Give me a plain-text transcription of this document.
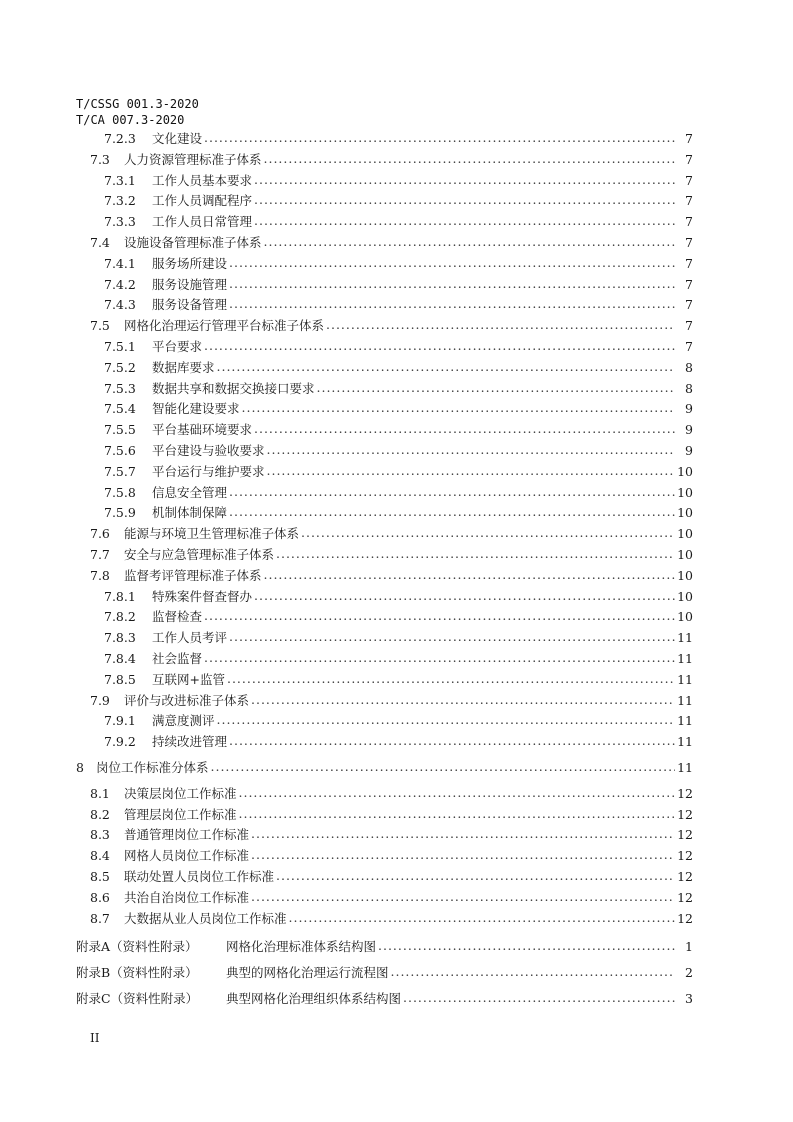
T/CSSG 001.3-2020
T/CA 007.3-2020
7.2.3	文化建设 .....	7
7.3	人力资源管理标准子体系 .....	7
7.3.1	工作人员基本要求 .....	7
7.3.2	工作人员调配程序 .....	7
7.3.3	工作人员日常管理 .....	7
7.4	设施设备管理标准子体系 .....	7
7.4.1	服务场所建设 .....	7
7.4.2	服务设施管理 .....	7
7.4.3	服务设备管理 .....	7
7.5	网格化治理运行管理平台标准子体系 .....	7
7.5.1	平台要求 .....	7
7.5.2	数据库要求 .....	8
7.5.3	数据共享和数据交换接口要求 .....	8
7.5.4	智能化建设要求 .....	9
7.5.5	平台基础环境要求 .....	9
7.5.6	平台建设与验收要求 .....	9
7.5.7	平台运行与维护要求 .....	10
7.5.8	信息安全管理 .....	10
7.5.9	机制体制保障 .....	10
7.6	能源与环境卫生管理标准子体系 .....	10
7.7	安全与应急管理标准子体系 .....	10
7.8	监督考评管理标准子体系 .....	10
7.8.1	特殊案件督查督办 .....	10
7.8.2	监督检查 .....	10
7.8.3	工作人员考评 .....	11
7.8.4	社会监督 .....	11
7.8.5	互联网+监管 .....	11
7.9	评价与改进标准子体系 .....	11
7.9.1	满意度测评 .....	11
7.9.2	持续改进管理 .....	11
8 岗位工作标准分体系 .....	11
8.1	决策层岗位工作标准 .....	12
8.2	管理层岗位工作标准 .....	12
8.3	普通管理岗位工作标准 .....	12
8.4	网格人员岗位工作标准 .....	12
8.5	联动处置人员岗位工作标准 .....	12
8.6	共治自治岗位工作标准 .....	12
8.7	大数据从业人员岗位工作标准 .....	12
附录A（资料性附录）	网格化治理标准体系结构图 .....	1
附录B（资料性附录）	典型的网格化治理运行流程图 .....	2
附录C（资料性附录）	典型网格化治理组织体系结构图 .....	3
II
